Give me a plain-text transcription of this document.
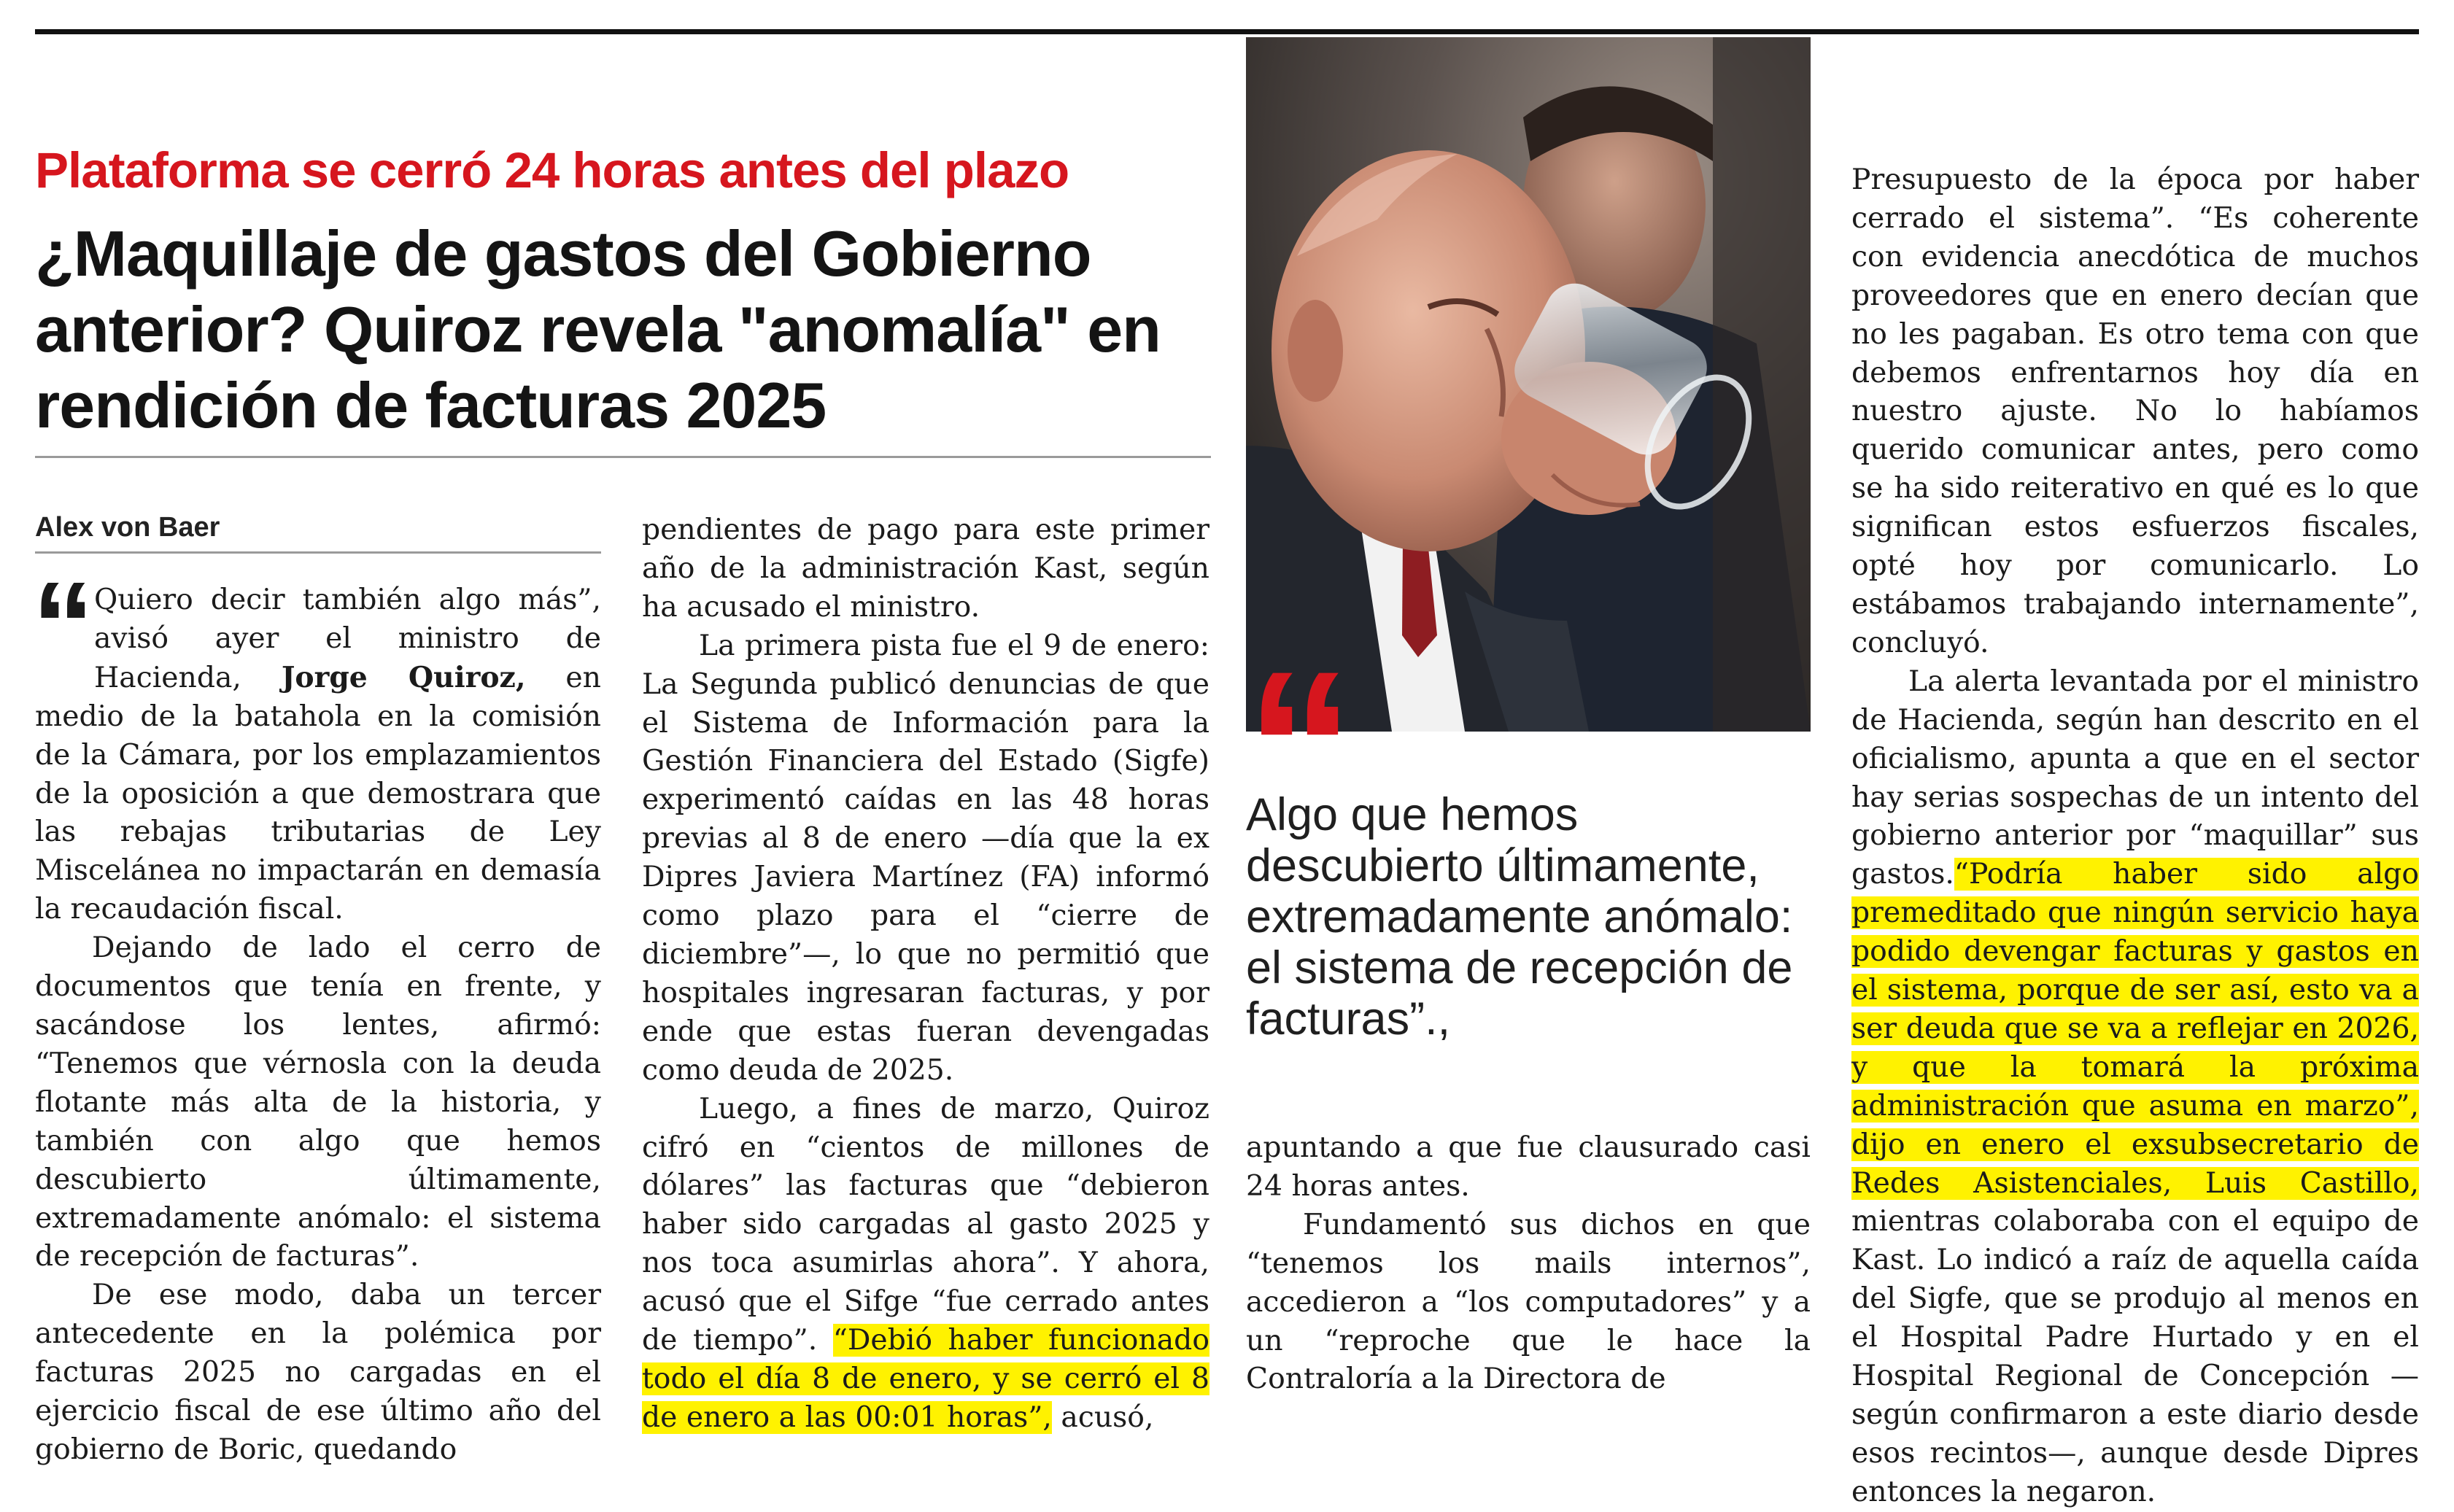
Plataforma se cerró 24 horas antes del plazo
¿Maquillaje de gastos del Gobierno anterior? Quiroz revela "anomalía" en rendición de facturas 2025
Alex von Baer

“ Quiero decir también algo más”, avisó ayer el ministro de Hacienda, Jorge Quiroz, en medio de la batahola en la comisión de la Cámara, por los emplazamientos de la oposición a que demostrara que las rebajas tributarias de Ley Miscelánea no impactarán en demasía la recaudación fiscal.

Dejando de lado el cerro de documentos que tenía en frente, y sacándose los lentes, afirmó: “Tenemos que vérnosla con la deuda flotante más alta de la historia, y también con algo que hemos descubierto últimamente, extremadamente anómalo: el sistema de recepción de facturas”.

De ese modo, daba un tercer antecedente en la polémica por facturas 2025 no cargadas en el ejercicio fiscal de ese último año del gobierno de Boric, quedando

pendientes de pago para este primer año de la administración Kast, según ha acusado el ministro.

La primera pista fue el 9 de enero: La Segunda publicó denuncias de que el Sistema de Información para la Gestión Financiera del Estado (Sigfe) experimentó caídas en las 48 horas previas al 8 de enero —día que la ex Dipres Javiera Martínez (FA) informó como plazo para el “cierre de diciembre”—, lo que no permitió que hospitales ingresaran facturas, y por ende que estas fueran devengadas como deuda de 2025.

Luego, a fines de marzo, Quiroz cifró en “cientos de millones de dólares” las facturas que “debieron haber sido cargadas al gasto 2025 y nos toca asumirlas ahora”. Y ahora, acusó que el Sifge “fue cerrado antes de tiempo”. “Debió haber funcionado todo el día 8 de enero, y se cerró el 8 de enero a las 00:01 horas”, acusó,

“

Algo que hemos descubierto últimamente, extremadamente anómalo: el sistema de recepción de facturas”.,

apuntando a que fue clausurado casi 24 horas antes.

Fundamentó sus dichos en que “tenemos los mails internos”, accedieron a “los computadores” y a un “reproche que le hace la Contraloría a la Directora de

Presupuesto de la época por haber cerrado el sistema”. “Es coherente con evidencia anecdótica de muchos proveedores que en enero decían que no les pagaban. Es otro tema con que debemos enfrentarnos hoy día en nuestro ajuste. No lo habíamos querido comunicar antes, pero como se ha sido reiterativo en qué es lo que significan estos esfuerzos fiscales, opté hoy por comunicarlo. Lo estábamos trabajando internamente”, concluyó.

La alerta levantada por el ministro de Hacienda, según han descrito en el oficialismo, apunta a que en el sector hay serias sospechas de un intento del gobierno anterior por “maquillar” sus gastos.“Podría haber sido algo premeditado que ningún servicio haya podido devengar facturas y gastos en el sistema, porque de ser así, esto va a ser deuda que se va a reflejar en 2026, y que la tomará la próxima administración que asuma en marzo”, dijo en enero el exsubsecretario de Redes Asistenciales, Luis Castillo, mientras colaboraba con el equipo de Kast. Lo indicó a raíz de aquella caída del Sigfe, que se produjo al menos en el Hospital Padre Hurtado y en el Hospital Regional de Concepción —según confirmaron a este diario desde esos recintos—, aunque desde Dipres entonces la negaron.
